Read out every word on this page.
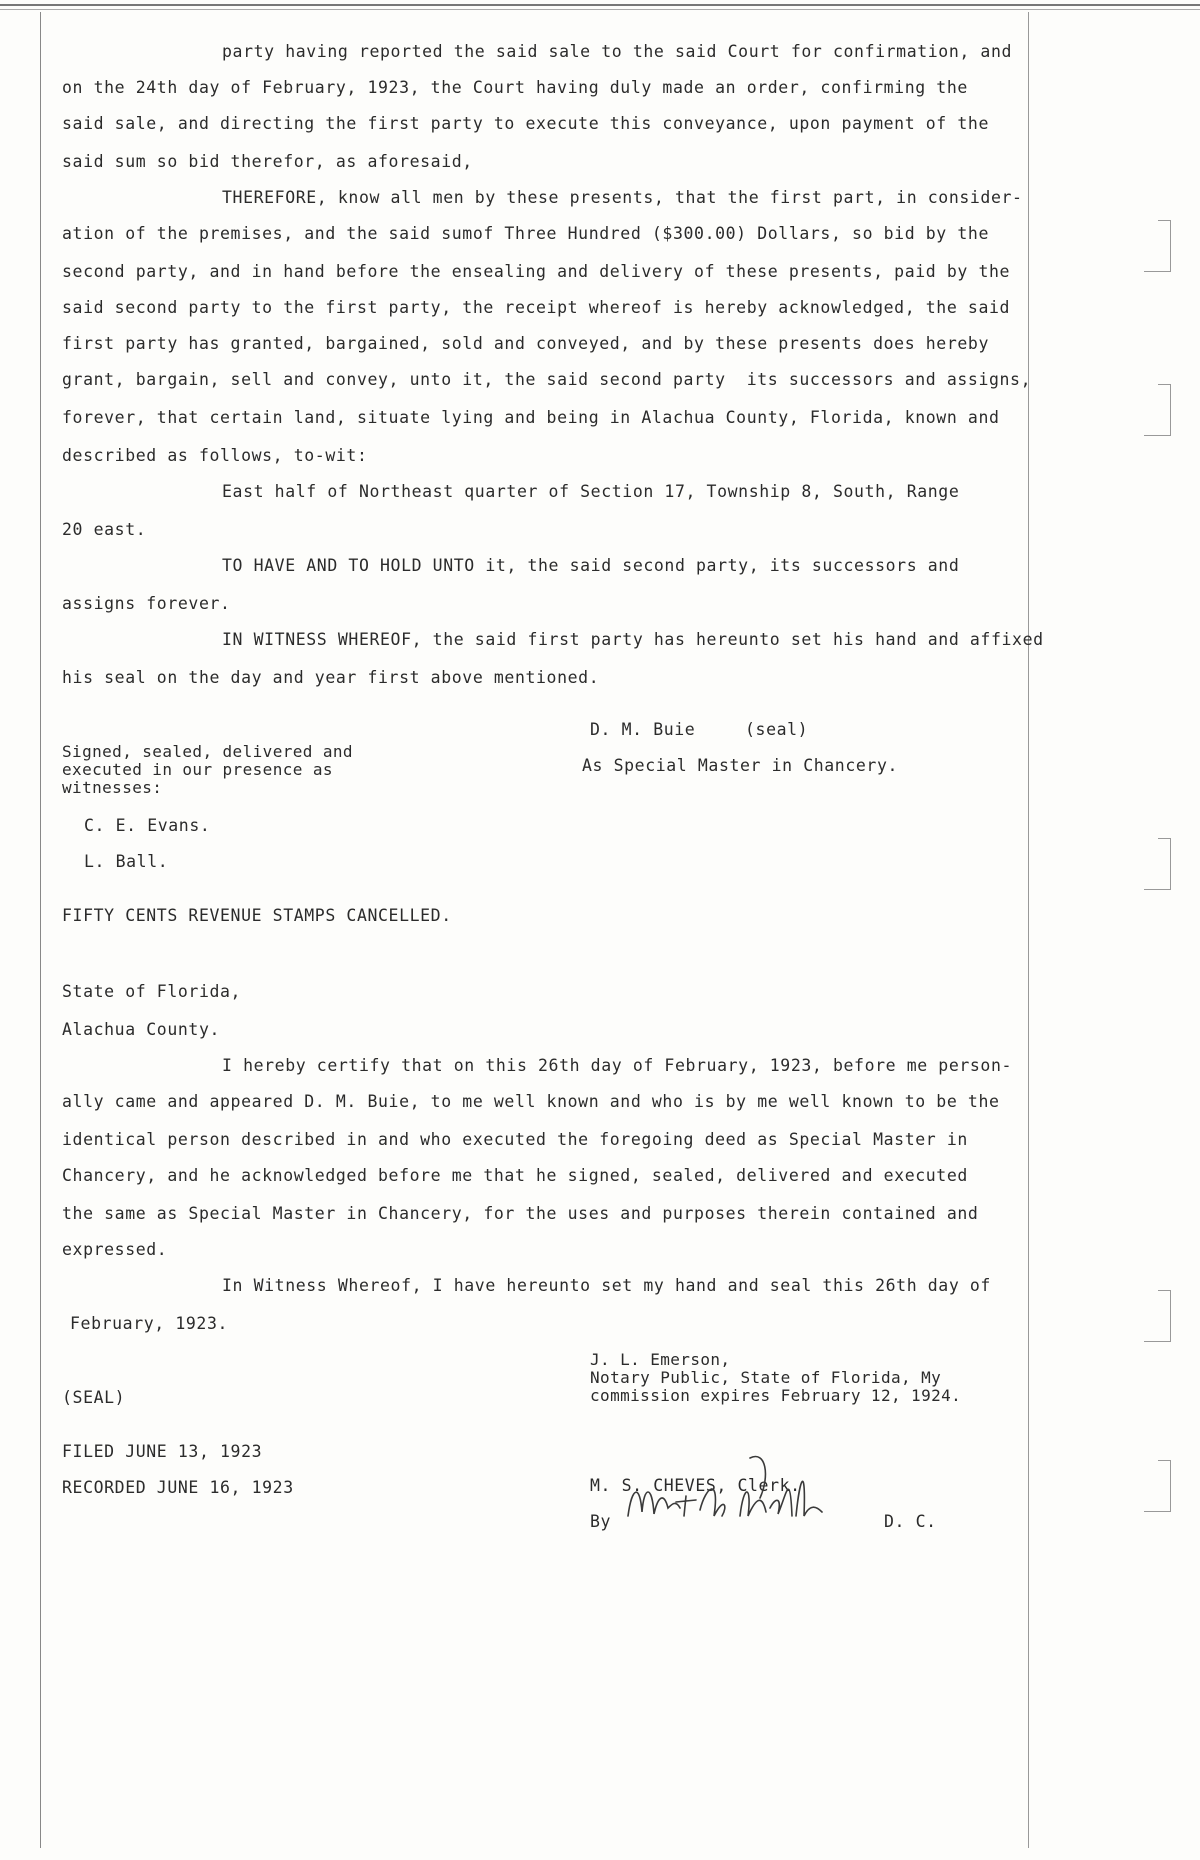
party having reported the said sale to the said Court for confirmation, and
on the 24th day of February, 1923, the Court having duly made an order, confirming the
said sale, and directing the first party to execute this conveyance, upon payment of the
said sum so bid therefor, as aforesaid,
THEREFORE, know all men by these presents, that the first part, in consider-
ation of the premises, and the said sumof Three Hundred ($300.00) Dollars, so bid by the
second party, and in hand before the ensealing and delivery of these presents, paid by the
said second party to the first party, the receipt whereof is hereby acknowledged, the said
first party has granted, bargained, sold and conveyed, and by these presents does hereby
grant, bargain, sell and convey, unto it, the said second party  its successors and assigns,
forever, that certain land, situate lying and being in Alachua County, Florida, known and
described as follows, to-wit:
East half of Northeast quarter of Section 17, Township 8, South, Range
20 east.
TO HAVE AND TO HOLD UNTO it, the said second party, its successors and
assigns forever.
IN WITNESS WHEREOF, the said first party has hereunto set his hand and affixed
his seal on the day and year first above mentioned.
D. M. Buie	(seal)
As Special Master in Chancery.
Signed, sealed, delivered and
executed in our presence as
witnesses:
C. E. Evans.
L. Ball.
FIFTY CENTS REVENUE STAMPS CANCELLED.
State of Florida,
Alachua County.
I hereby certify that on this 26th day of February, 1923, before me person-
ally came and appeared D. M. Buie, to me well known and who is by me well known to be the
identical person described in and who executed the foregoing deed as Special Master in
Chancery, and he acknowledged before me that he signed, sealed, delivered and executed
the same as Special Master in Chancery, for the uses and purposes therein contained and
expressed.
In Witness Whereof, I have hereunto set my hand and seal this 26th day of
February, 1923.
J. L. Emerson,
Notary Public, State of Florida, My
commission expires February 12, 1924.
(SEAL)
FILED JUNE 13, 1923
RECORDED JUNE 16, 1923	M. S. CHEVES, Clerk.
By	D. C.
